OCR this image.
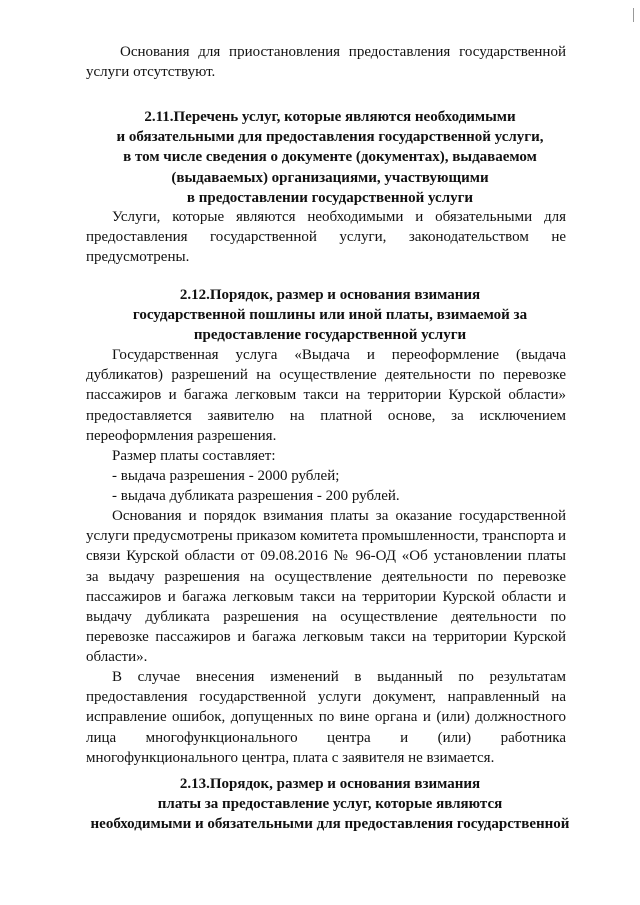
Основания для приостановления предоставления государственной
услуги отсутствуют.
2.11.Перечень услуг, которые являются необходимыми
и обязательными для предоставления государственной услуги,
в том числе сведения о документе (документах), выдаваемом
(выдаваемых) организациями, участвующими
в предоставлении государственной услуги
Услуги, которые являются необходимыми и обязательными для
предоставления государственной услуги, законодательством не
предусмотрены.
2.12.Порядок, размер и основания взимания
государственной пошлины или иной платы, взимаемой за
предоставление государственной услуги
Государственная услуга «Выдача и переоформление (выдача
дубликатов) разрешений на осуществление деятельности по перевозке
пассажиров и багажа легковым такси на территории Курской области»
предоставляется заявителю на платной основе, за исключением
переоформления разрешения.
Размер платы составляет:
- выдача разрешения - 2000 рублей;
- выдача дубликата разрешения - 200 рублей.
Основания и порядок взимания платы за оказание государственной
услуги предусмотрены приказом комитета промышленности, транспорта и
связи Курской области от 09.08.2016 № 96-ОД «Об установлении платы
за выдачу разрешения на осуществление деятельности по перевозке
пассажиров и багажа легковым такси на территории Курской области и
выдачу дубликата разрешения на осуществление деятельности по
перевозке пассажиров и багажа легковым такси на территории Курской
области».
В случае внесения изменений в выданный по результатам
предоставления государственной услуги документ, направленный на
исправление ошибок, допущенных по вине органа и (или) должностного
лица многофункционального центра и (или) работника
многофункционального центра, плата с заявителя не взимается.
2.13.Порядок, размер и основания взимания
платы за предоставление услуг, которые являются
необходимыми и обязательными для предоставления государственной
